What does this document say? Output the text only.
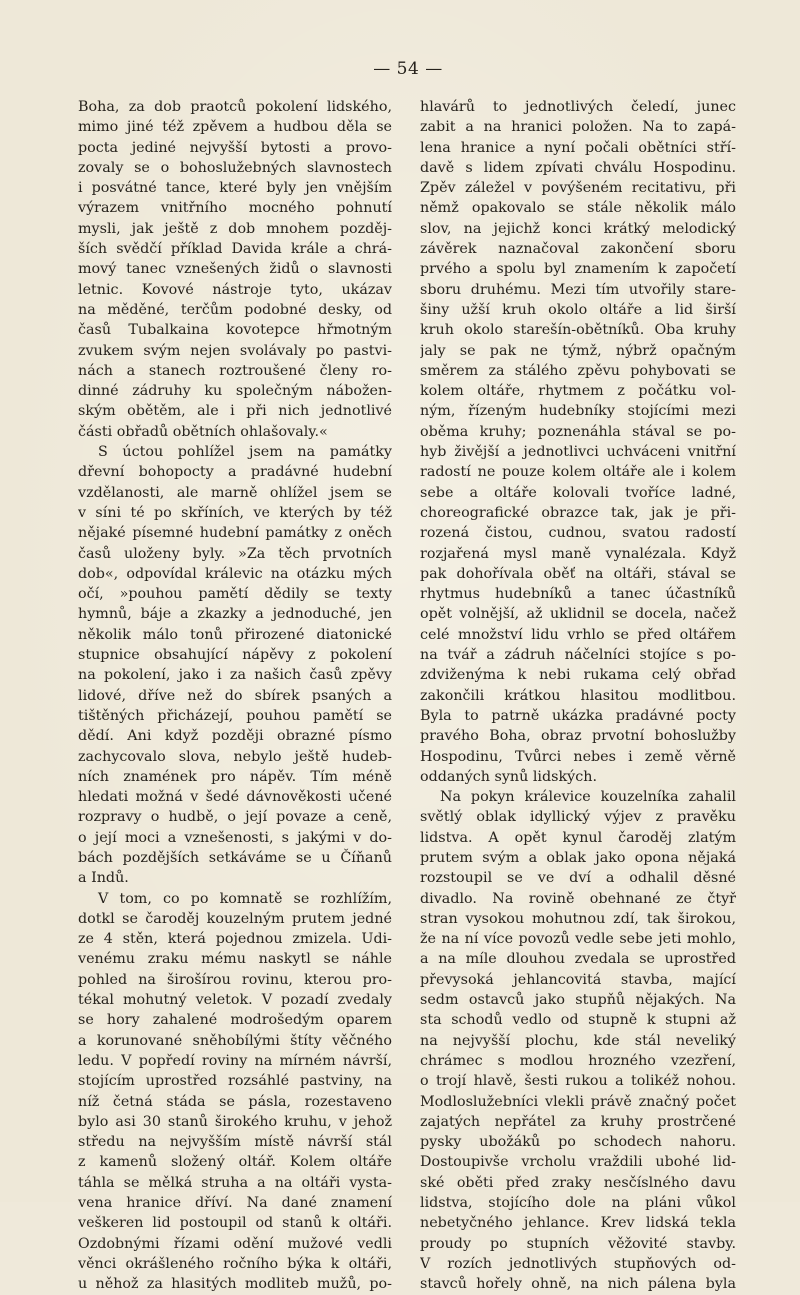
— 54 —
Boha, za dob praotců pokolení lidského,
mimo jiné též zpěvem a hudbou děla se
pocta jediné nejvyšší bytosti a provo-
zovaly se o bohoslužebných slavnostech
i posvátné tance, které byly jen vnějším
výrazem vnitřního mocného pohnutí
mysli, jak ještě z dob mnohem pozděj-
ších svědčí příklad Davida krále a chrá-
mový tanec vznešených židů o slavnosti
letnic. Kovové nástroje tyto, ukázav
na měděné, terčům podobné desky, od
časů Tubalkaina kovotepce hřmotným
zvukem svým nejen svolávaly po pastvi-
nách a stanech roztroušené členy ro-
dinné zádruhy ku společným nábožen-
ským obětěm, ale i při nich jednotlivé
části obřadů obětních ohlašovaly.«
S úctou pohlížel jsem na památky
dřevní bohopocty a pradávné hudební
vzdělanosti, ale marně ohlížel jsem se
v síni té po skříních, ve kterých by též
nějaké písemné hudební památky z oněch
časů uloženy byly. »Za těch prvotních
dob«, odpovídal králevic na otázku mých
očí, »pouhou pamětí dědily se texty
hymnů, báje a zkazky a jednoduché, jen
několik málo tonů přirozené diatonické
stupnice obsahující nápěvy z pokolení
na pokolení, jako i za našich časů zpěvy
lidové, dříve než do sbírek psaných a
tištěných přicházejí, pouhou pamětí se
dědí. Ani když později obrazné písmo
zachycovalo slova, nebylo ještě hudeb-
ních znamének pro nápěv. Tím méně
hledati možná v šedé dávnověkosti učené
rozpravy o hudbě, o její povaze a ceně,
o její moci a vznešenosti, s jakými v do-
bách pozdějších setkáváme se u Číňanů
a Indů.
V tom, co po komnatě se rozhlížím,
dotkl se čaroděj kouzelným prutem jedné
ze 4 stěn, která pojednou zmizela. Udi-
venému zraku mému naskytl se náhle
pohled na širošírou rovinu, kterou pro-
tékal mohutný veletok. V pozadí zvedaly
se hory zahalené modrošedým oparem
a korunované sněhobílými štíty věčného
ledu. V popředí roviny na mírném návrší,
stojícím uprostřed rozsáhlé pastviny, na
níž četná stáda se pásla, rozestaveno
bylo asi 30 stanů širokého kruhu, v jehož
středu na nejvyšším místě návrší stál
z kamenů složený oltář. Kolem oltáře
táhla se mělká struha a na oltáři vysta-
vena hranice dříví. Na dané znamení
veškeren lid postoupil od stanů k oltáři.
Ozdobnými řízami odění mužové vedli
věnci okrášleného ročního býka k oltáři,
u něhož za hlasitých modliteb mužů, po-
hlavárů to jednotlivých čeledí, junec
zabit a na hranici položen. Na to zapá-
lena hranice a nyní počali obětníci stří-
davě s lidem zpívati chválu Hospodinu.
Zpěv záležel v povýšeném recitativu, při
němž opakovalo se stále několik málo
slov, na jejichž konci krátký melodický
závěrek naznačoval zakončení sboru
prvého a spolu byl znamením k započetí
sboru druhému. Mezi tím utvořily stare-
šiny užší kruh okolo oltáře a lid širší
kruh okolo starešín-obětníků. Oba kruhy
jaly se pak ne týmž, nýbrž opačným
směrem za stálého zpěvu pohybovati se
kolem oltáře, rhytmem z počátku vol-
ným, řízeným hudebníky stojícími mezi
oběma kruhy; poznenáhla stával se po-
hyb živější a jednotlivci uchváceni vnitřní
radostí ne pouze kolem oltáře ale i kolem
sebe a oltáře kolovali tvoříce ladné,
choreografické obrazce tak, jak je při-
rozená čistou, cudnou, svatou radostí
rozjařená mysl maně vynalézala. Když
pak dohořívala oběť na oltáři, stával se
rhytmus hudebníků a tanec účastníků
opět volnější, až uklidnil se docela, načež
celé množství lidu vrhlo se před oltářem
na tvář a zádruh náčelníci stojíce s po-
zdviženýma k nebi rukama celý obřad
zakončili krátkou hlasitou modlitbou.
Byla to patrně ukázka pradávné pocty
pravého Boha, obraz prvotní bohoslužby
Hospodinu, Tvůrci nebes i země věrně
oddaných synů lidských.
Na pokyn králevice kouzelníka zahalil
světlý oblak idyllický výjev z pravěku
lidstva. A opět kynul čaroděj zlatým
prutem svým a oblak jako opona nějaká
rozstoupil se ve dví a odhalil děsné
divadlo. Na rovině obehnané ze čtyř
stran vysokou mohutnou zdí, tak širokou,
že na ní více povozů vedle sebe jeti mohlo,
a na míle dlouhou zvedala se uprostřed
převysoká jehlancovitá stavba, mající
sedm ostavců jako stupňů nějakých. Na
sta schodů vedlo od stupně k stupni až
na nejvyšší plochu, kde stál neveliký
chrámec s modlou hrozného vzezření,
o trojí hlavě, šesti rukou a tolikéž nohou.
Modloslužebníci vlekli právě značný počet
zajatých nepřátel za kruhy prostrčené
pysky ubožáků po schodech nahoru.
Dostoupivše vrcholu vraždili ubohé lid-
ské oběti před zraky nesčíslného davu
lidstva, stojícího dole na pláni vůkol
nebetyčného jehlance. Krev lidská tekla
proudy po stupních věžovité stavby.
V rozích jednotlivých stupňových od-
stavců hořely ohně, na nich pálena byla
